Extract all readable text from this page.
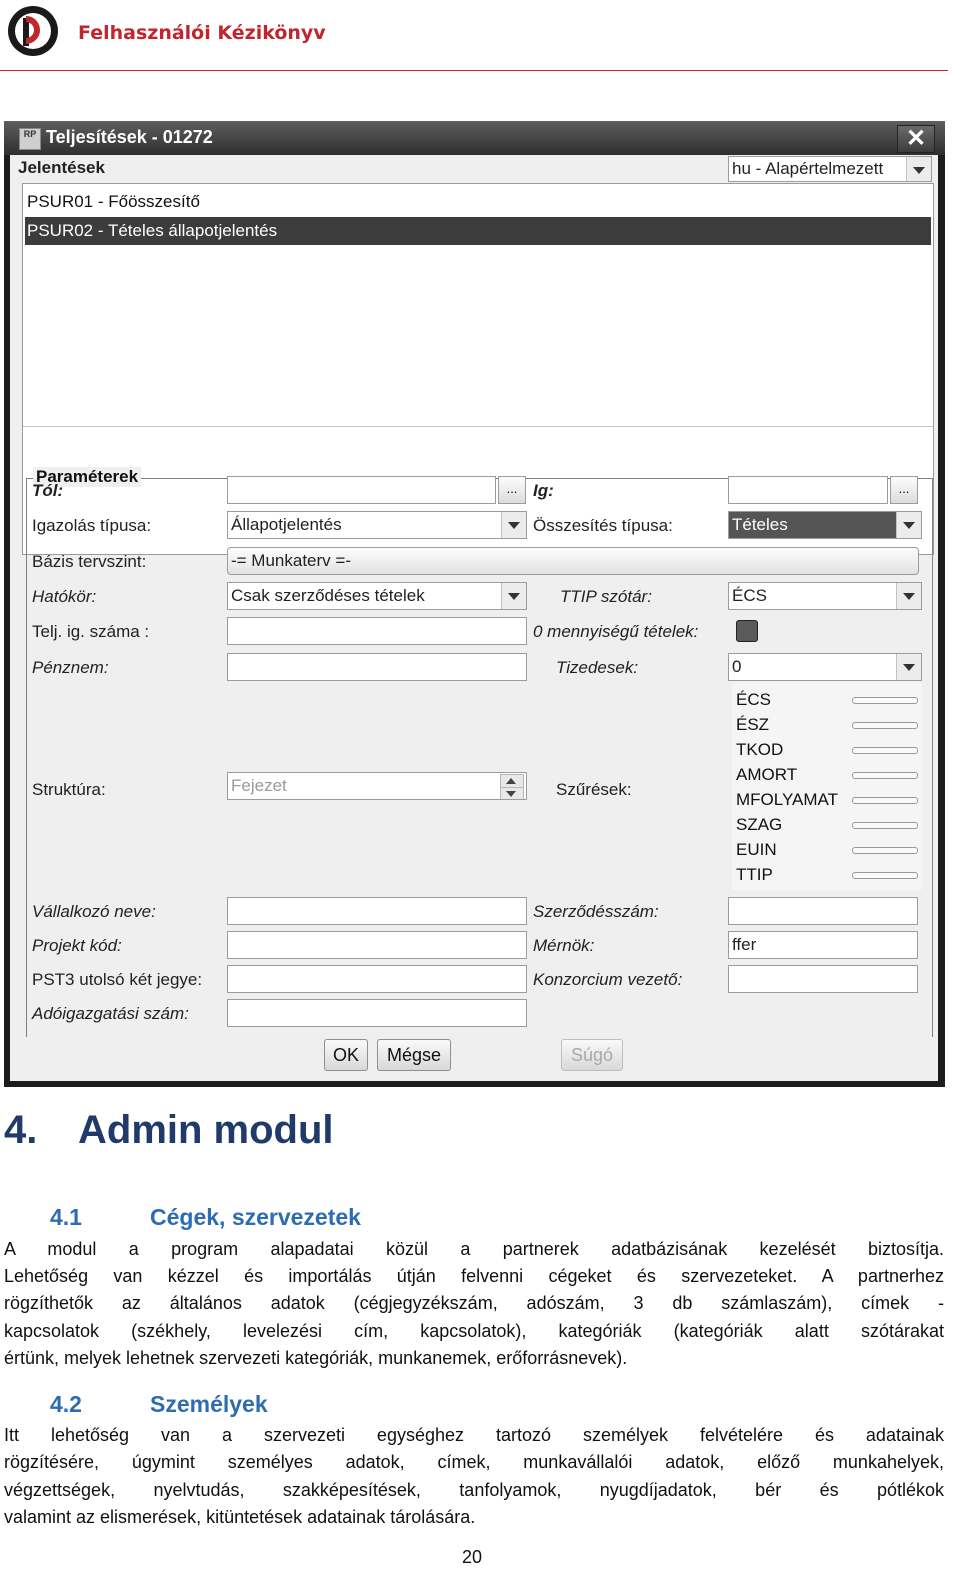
Felhasználói Kézikönyv
RP Teljesítések - 01272	✕
Jelentések	hu - Alapértelmezett
PSUR01 - Főösszesítő
PSUR02 - Tételes állapotjelentés
Paraméterek
Tól:	... Ig:	...
Igazolás típusa:	Állapotjelentés	Összesítés típusa:	Tételes
Bázis tervszint:	-= Munkaterv =-
Hatókör:	Csak szerződéses tételek	TTIP szótár:	ÉCS
Telj. ig. száma :	0 mennyiségű tételek:
Pénznem:	Tizedesek:	0
Struktúra:	Fejezet	Szűrések:
ÉCS
ÉSZ
TKOD
AMORT
MFOLYAMAT
SZAG
EUIN
TTIP
Vállalkozó neve:	Szerződésszám:
Projekt kód:	Mérnök:	ffer
PST3 utolsó két jegye:	Konzorcium vezető:
Adóigazgatási szám:
OK	Mégse	Súgó
4. Admin modul
4.1	Cégek, szervezetek
A modul a program alapadatai közül a partnerek adatbázisának kezelését biztosítja.
Lehetőség van kézzel és importálás útján felvenni cégeket és szervezeteket. A partnerhez
rögzíthetők az általános adatok (cégjegyzékszám, adószám, 3 db számlaszám), címek -
kapcsolatok (székhely, levelezési cím, kapcsolatok), kategóriák (kategóriák alatt szótárakat
értünk, melyek lehetnek szervezeti kategóriák, munkanemek, erőforrásnevek).
4.2	Személyek
Itt lehetőség van a szervezeti egységhez tartozó személyek felvételére és adatainak
rögzítésére, úgymint személyes adatok, címek, munkavállalói adatok, előző munkahelyek,
végzettségek, nyelvtudás, szakképesítések, tanfolyamok, nyugdíjadatok, bér és pótlékok
valamint az elismerések, kitüntetések adatainak tárolására.
20
